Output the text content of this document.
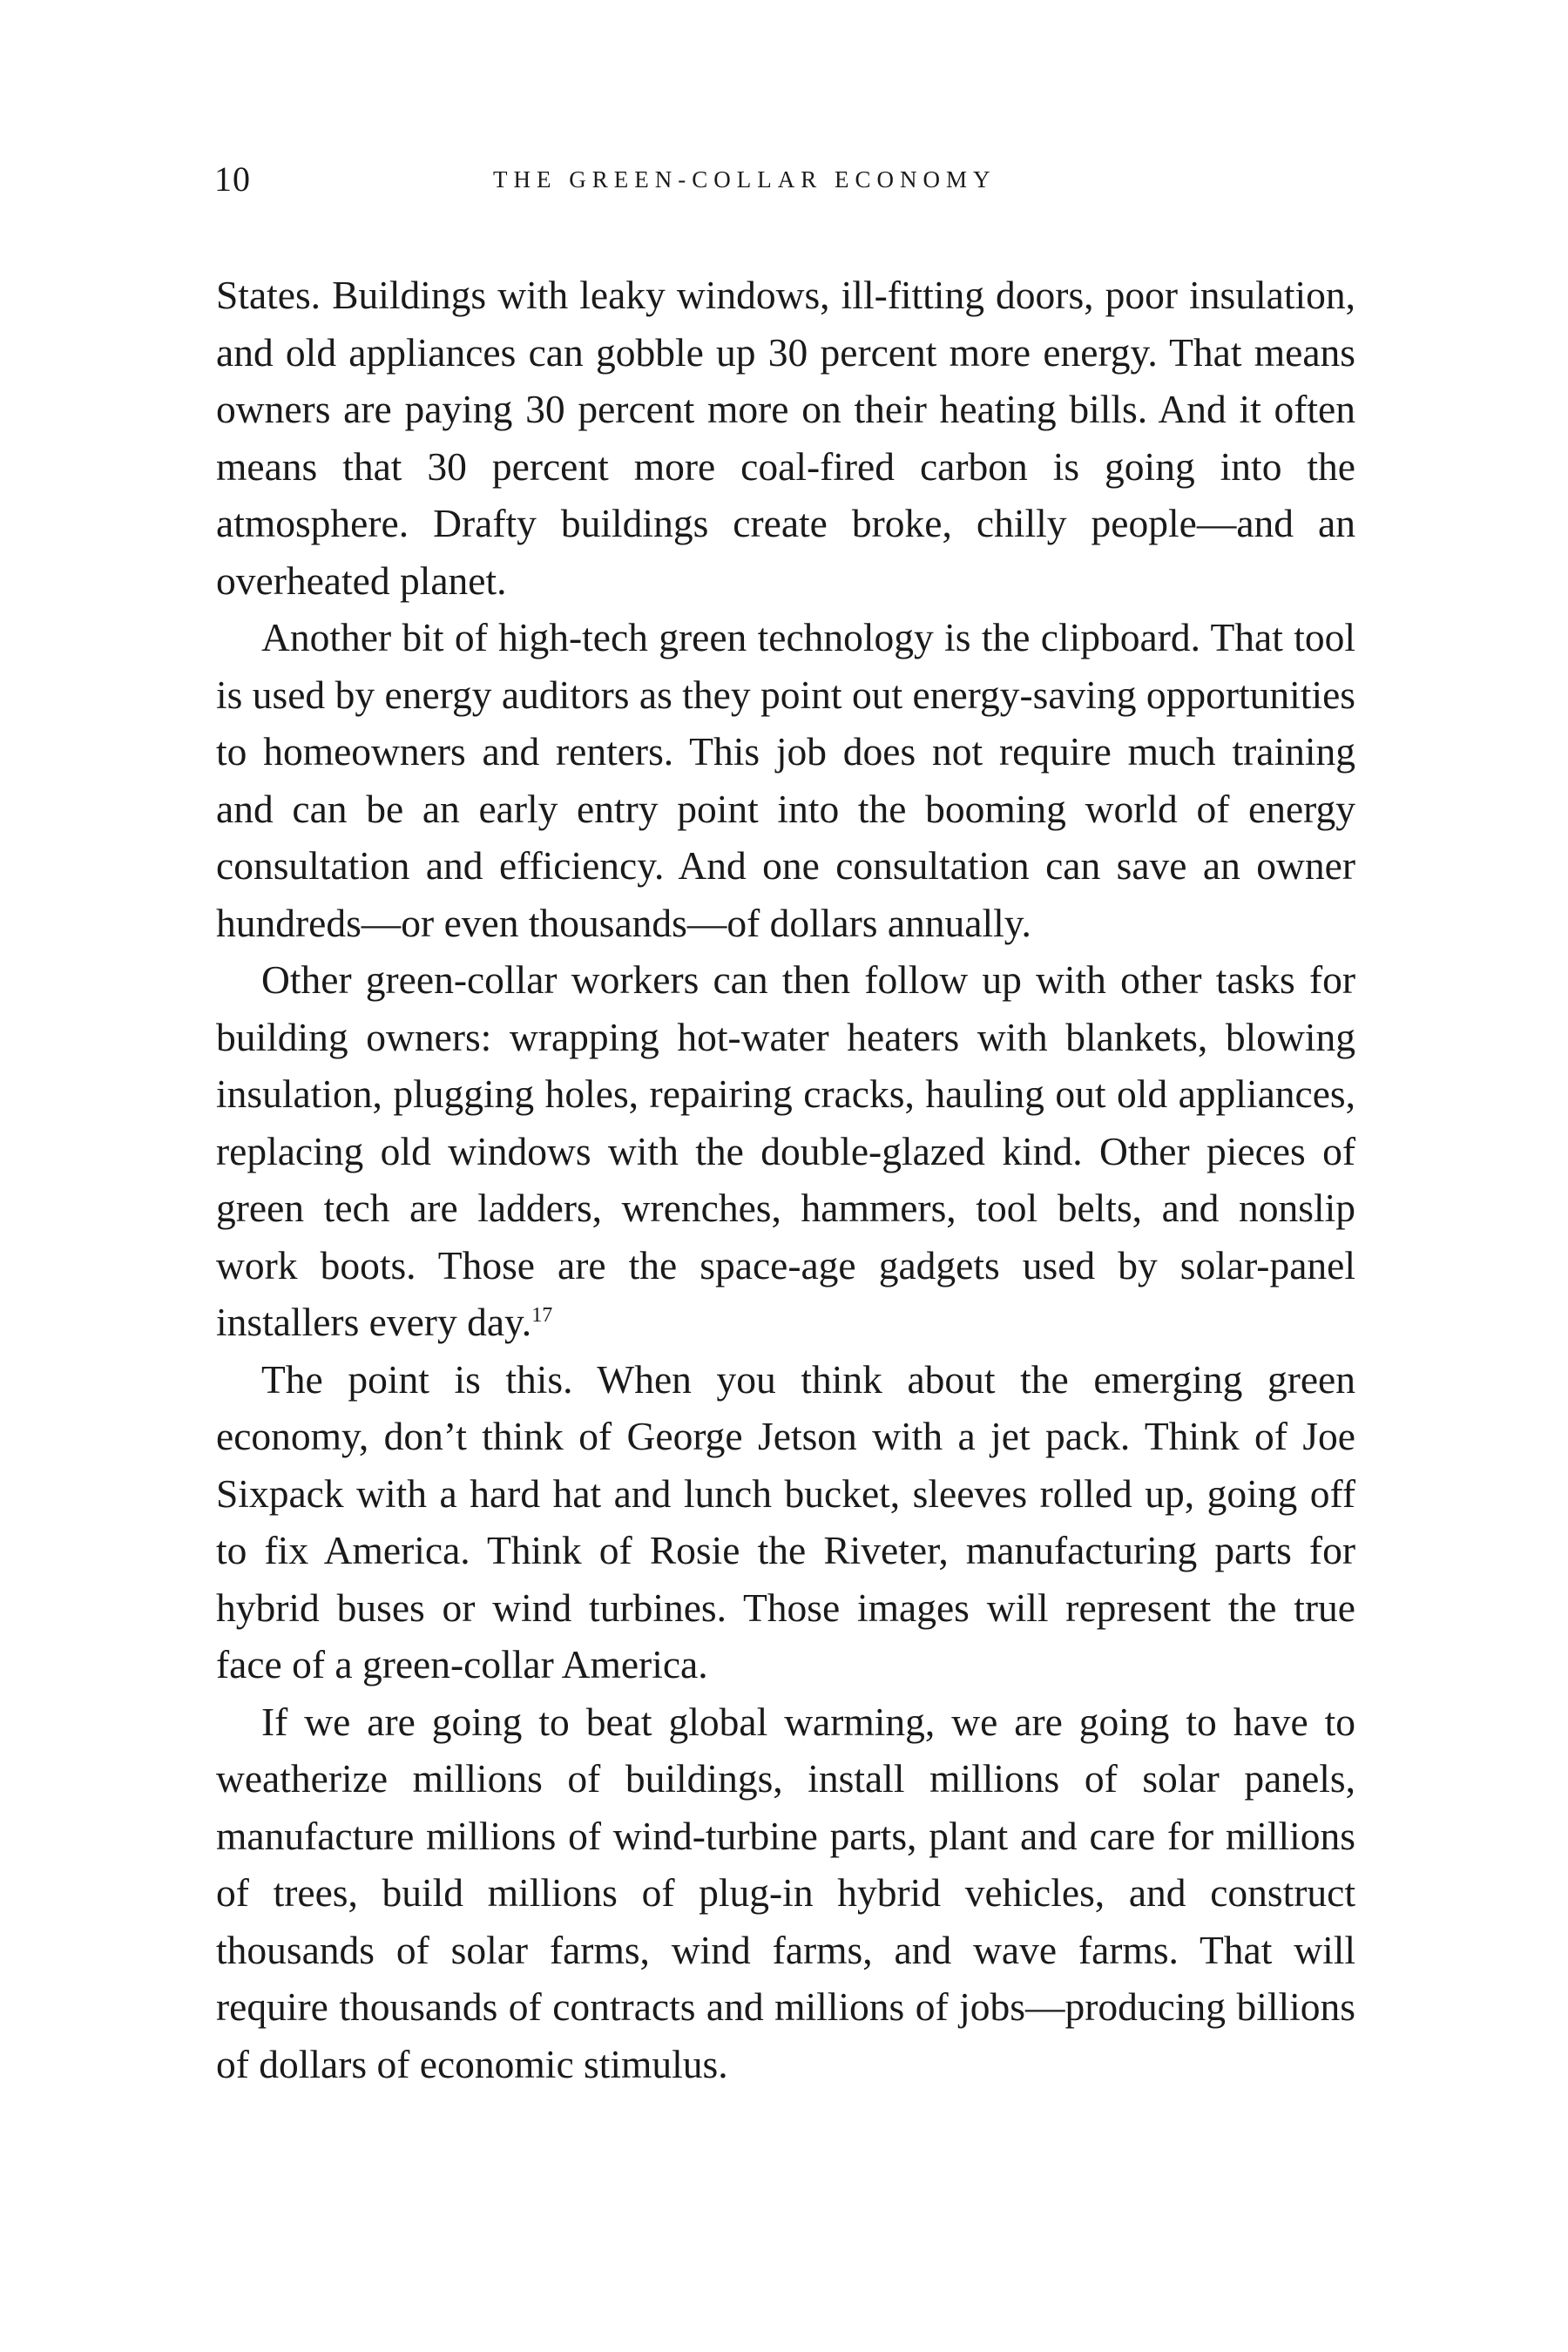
10	THE GREEN-COLLAR ECONOMY

States. Buildings with leaky windows, ill-fitting doors, poor insulation, and old appliances can gobble up 30 percent more energy. That means owners are paying 30 percent more on their heating bills. And it often means that 30 percent more coal-fired carbon is going into the atmosphere. Drafty buildings create broke, chilly people—and an overheated planet.

Another bit of high-tech green technology is the clipboard. That tool is used by energy auditors as they point out energy-saving opportunities to homeowners and renters. This job does not require much training and can be an early entry point into the booming world of energy consultation and efficiency. And one consultation can save an owner hundreds—or even thousands—of dollars annually.

Other green-collar workers can then follow up with other tasks for building owners: wrapping hot-water heaters with blankets, blowing insulation, plugging holes, repairing cracks, hauling out old appliances, replacing old windows with the double-glazed kind. Other pieces of green tech are ladders, wrenches, hammers, tool belts, and nonslip work boots. Those are the space-age gadgets used by solar-panel installers every day.$^{17}$

The point is this. When you think about the emerging green economy, don’t think of George Jetson with a jet pack. Think of Joe Sixpack with a hard hat and lunch bucket, sleeves rolled up, going off to fix America. Think of Rosie the Riveter, manufacturing parts for hybrid buses or wind turbines. Those images will represent the true face of a green-collar America.

If we are going to beat global warming, we are going to have to weatherize millions of buildings, install millions of solar panels, manufacture millions of wind-turbine parts, plant and care for millions of trees, build millions of plug-in hybrid vehicles, and construct thousands of solar farms, wind farms, and wave farms. That will require thousands of contracts and millions of jobs—producing billions of dollars of economic stimulus.
